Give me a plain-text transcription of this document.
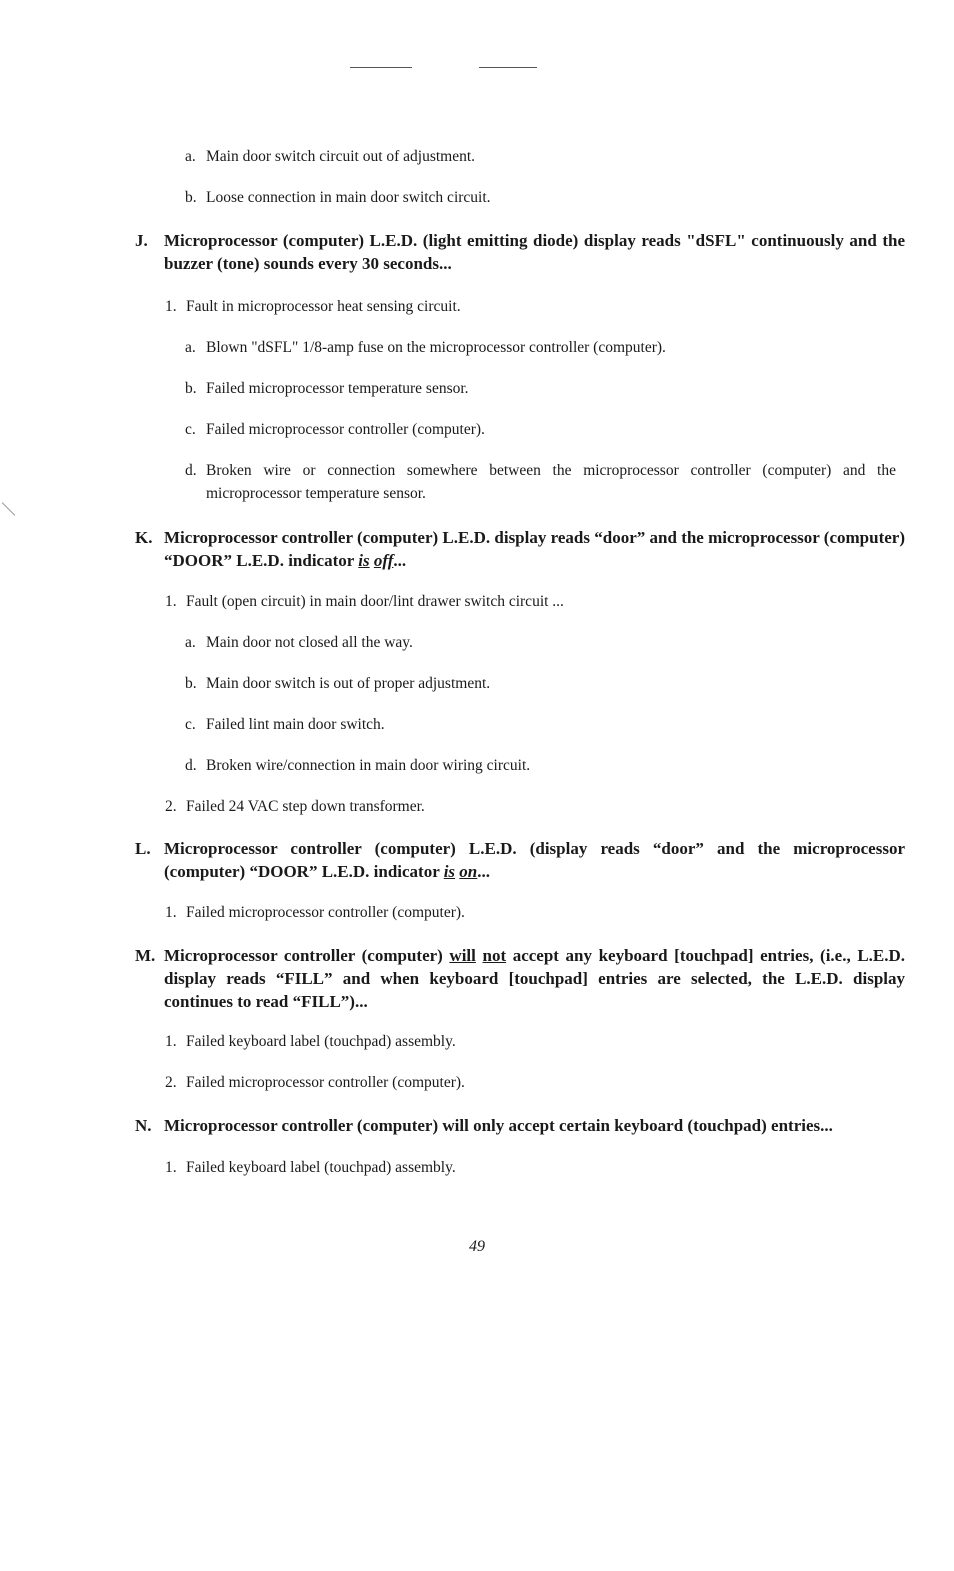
a. Main door switch circuit out of adjustment.
b. Loose connection in main door switch circuit.
J. Microprocessor (computer) L.E.D. (light emitting diode) display reads "dSFL" continuously and the buzzer (tone) sounds every 30 seconds...
1. Fault in microprocessor heat sensing circuit.
a. Blown "dSFL" 1/8-amp fuse on the microprocessor controller (computer).
b. Failed microprocessor temperature sensor.
c. Failed microprocessor controller (computer).
d. Broken wire or connection somewhere between the microprocessor controller (computer) and the microprocessor temperature sensor.
K. Microprocessor controller (computer) L.E.D. display reads “door” and the microprocessor (computer) “DOOR” L.E.D. indicator is off...
1. Fault (open circuit) in main door/lint drawer switch circuit ...
a. Main door not closed all the way.
b. Main door switch is out of proper adjustment.
c. Failed lint main door switch.
d. Broken wire/connection in main door wiring circuit.
2. Failed 24 VAC step down transformer.
L. Microprocessor controller (computer) L.E.D. (display reads “door” and the microprocessor (computer) “DOOR” L.E.D. indicator is on...
1. Failed microprocessor controller (computer).
M. Microprocessor controller (computer) will not accept any keyboard [touchpad] entries, (i.e., L.E.D. display reads “FILL” and when keyboard [touchpad] entries are selected, the L.E.D. display continues to read “FILL”)...
1. Failed keyboard label (touchpad) assembly.
2. Failed microprocessor controller (computer).
N. Microprocessor controller (computer) will only accept certain keyboard (touchpad) entries...
1. Failed keyboard label (touchpad) assembly.
49
